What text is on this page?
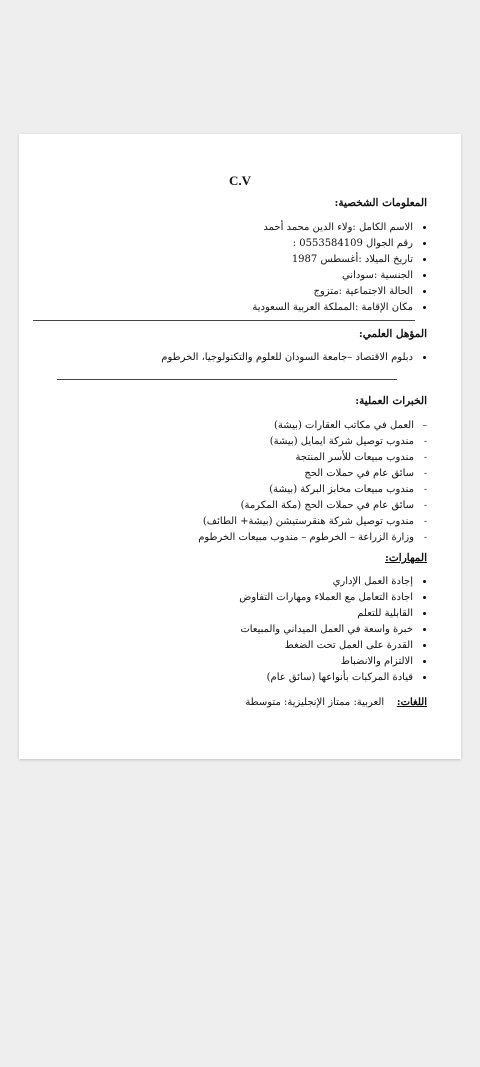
C.V
المعلومات الشخصية:
الاسم الكامل :ولاء الدين محمد أحمد
رقم الجوال 0553584109 :
تاريخ الميلاد :أغسطس 1987
الجنسية :سوداني
الحالة الاجتماعية :متزوج
مكان الإقامة :المملكة العربية السعودية
المؤهل العلمي:
دبلوم الاقتصاد –جامعة السودان للعلوم والتكنولوجيا، الخرطوم
الخبرات العملية:
–
العمل في مكاتب العقارات (بيشة)
-
مندوب توصيل شركة ايمايل (بيشة)
-
مندوب مبيعات للأسر المنتجة
-
سائق عام في حملات الحج
-
مندوب مبيعات مخابز البركة (بيشة)
-
سائق عام في حملات الحج (مكة المكرمة)
-
مندوب توصيل شركة هنقرستيشن (بيشة+ الطائف)
-
وزارة الزراعة – الخرطوم – مندوب مبيعات الخرطوم
المهارات:
إجادة العمل الإداري
اجادة التعامل مع العملاء ومهارات التفاوض
القابلية للتعلم
خبرة واسعة في العمل الميداني والمبيعات
القدرة على العمل تحت الضغط
الالتزام والانضباط
قيادة المركبات بأنواعها (سائق عام)
اللغات:    العربية: ممتاز الإنجليزية: متوسطة
